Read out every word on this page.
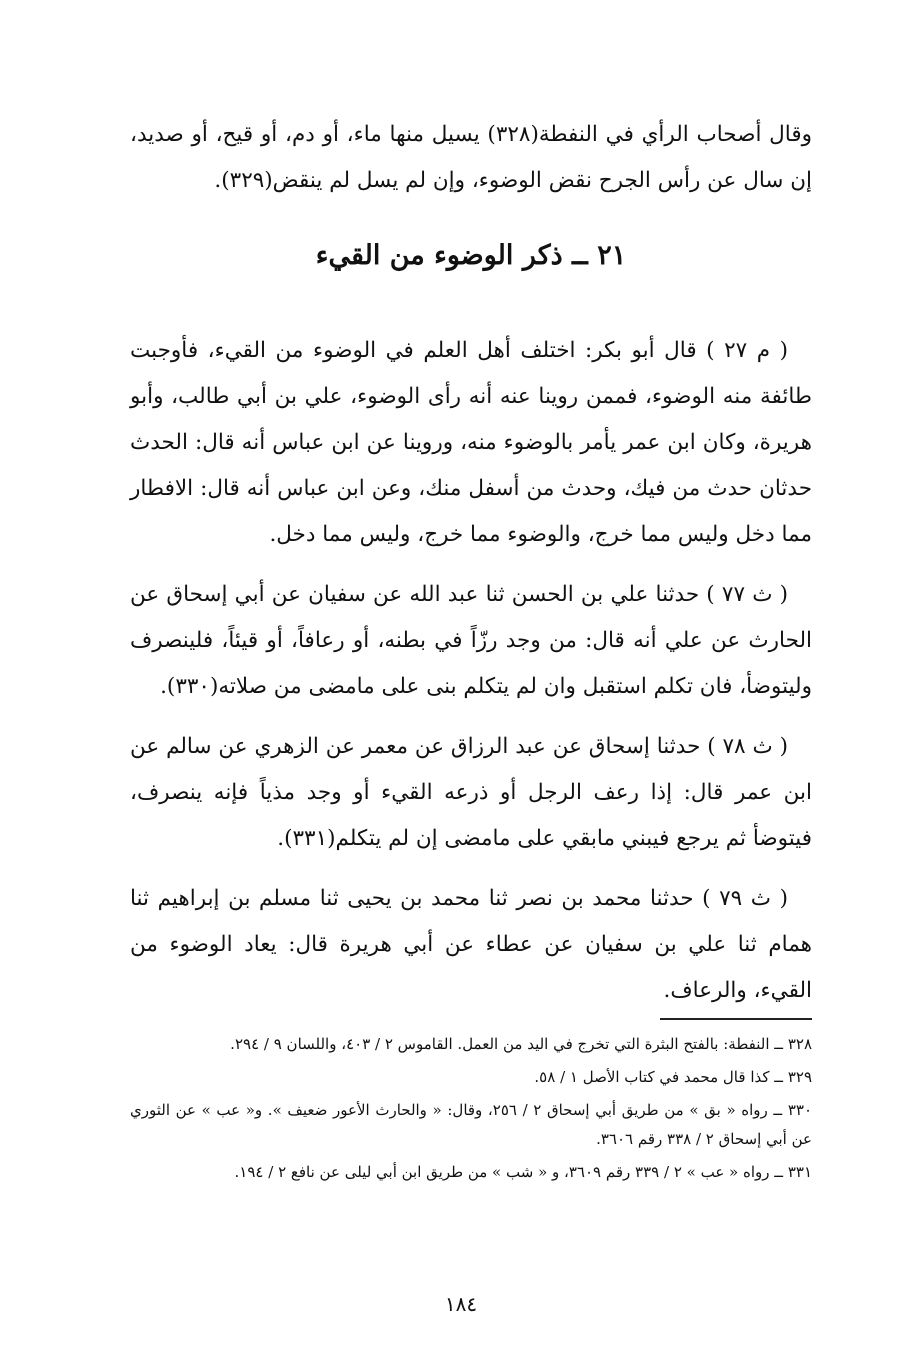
وقال أصحاب الرأي في النفطة(٣٢٨) يسيل منها ماء، أو دم، أو قيح، أو صديد، إن سال عن رأس الجرح نقض الوضوء، وإن لم يسل لم ينقض(٣٢٩).

٢١ ــ ذكر الوضوء من القيء

( م ٢٧ ) قال أبو بكر: اختلف أهل العلم في الوضوء من القيء، فأوجبت طائفة منه الوضوء، فممن روينا عنه أنه رأى الوضوء، علي بن أبي طالب، وأبو هريرة، وكان ابن عمر يأمر بالوضوء منه، وروينا عن ابن عباس أنه قال: الحدث حدثان حدث من فيك، وحدث من أسفل منك، وعن ابن عباس أنه قال: الافطار مما دخل وليس مما خرج، والوضوء مما خرج، وليس مما دخل.

( ث ٧٧ ) حدثنا علي بن الحسن ثنا عبد الله عن سفيان عن أبي إسحاق عن الحارث عن علي أنه قال: من وجد رزّاً في بطنه، أو رعافاً، أو قيئاً، فلينصرف وليتوضأ، فان تكلم استقبل وان لم يتكلم بنى على مامضى من صلاته(٣٣٠).

( ث ٧٨ ) حدثنا إسحاق عن عبد الرزاق عن معمر عن الزهري عن سالم عن ابن عمر قال: إذا رعف الرجل أو ذرعه القيء أو وجد مذياً فإنه ينصرف، فيتوضأ ثم يرجع فيبني مابقي على مامضى إن لم يتكلم(٣٣١).

( ث ٧٩ ) حدثنا محمد بن نصر ثنا محمد بن يحيى ثنا مسلم بن إبراهيم ثنا همام ثنا علي بن سفيان عن عطاء عن أبي هريرة قال: يعاد الوضوء من القيء، والرعاف.

٣٢٨ ــ النفطة: بالفتح البثرة التي تخرج في اليد من العمل. القاموس ٢ / ٤٠٣، واللسان ٩ / ٢٩٤.

٣٢٩ ــ كذا قال محمد في كتاب الأصل ١ / ٥٨.

٣٣٠ ــ رواه « بق » من طريق أبي إسحاق ٢ / ٢٥٦، وقال: « والحارث الأعور ضعيف ». و« عب » عن الثوري عن أبي إسحاق ٢ / ٣٣٨ رقم ٣٦٠٦.

٣٣١ ــ رواه « عب » ٢ / ٣٣٩ رقم ٣٦٠٩، و « شب » من طريق ابن أبي ليلى عن نافع ٢ / ١٩٤.

١٨٤
